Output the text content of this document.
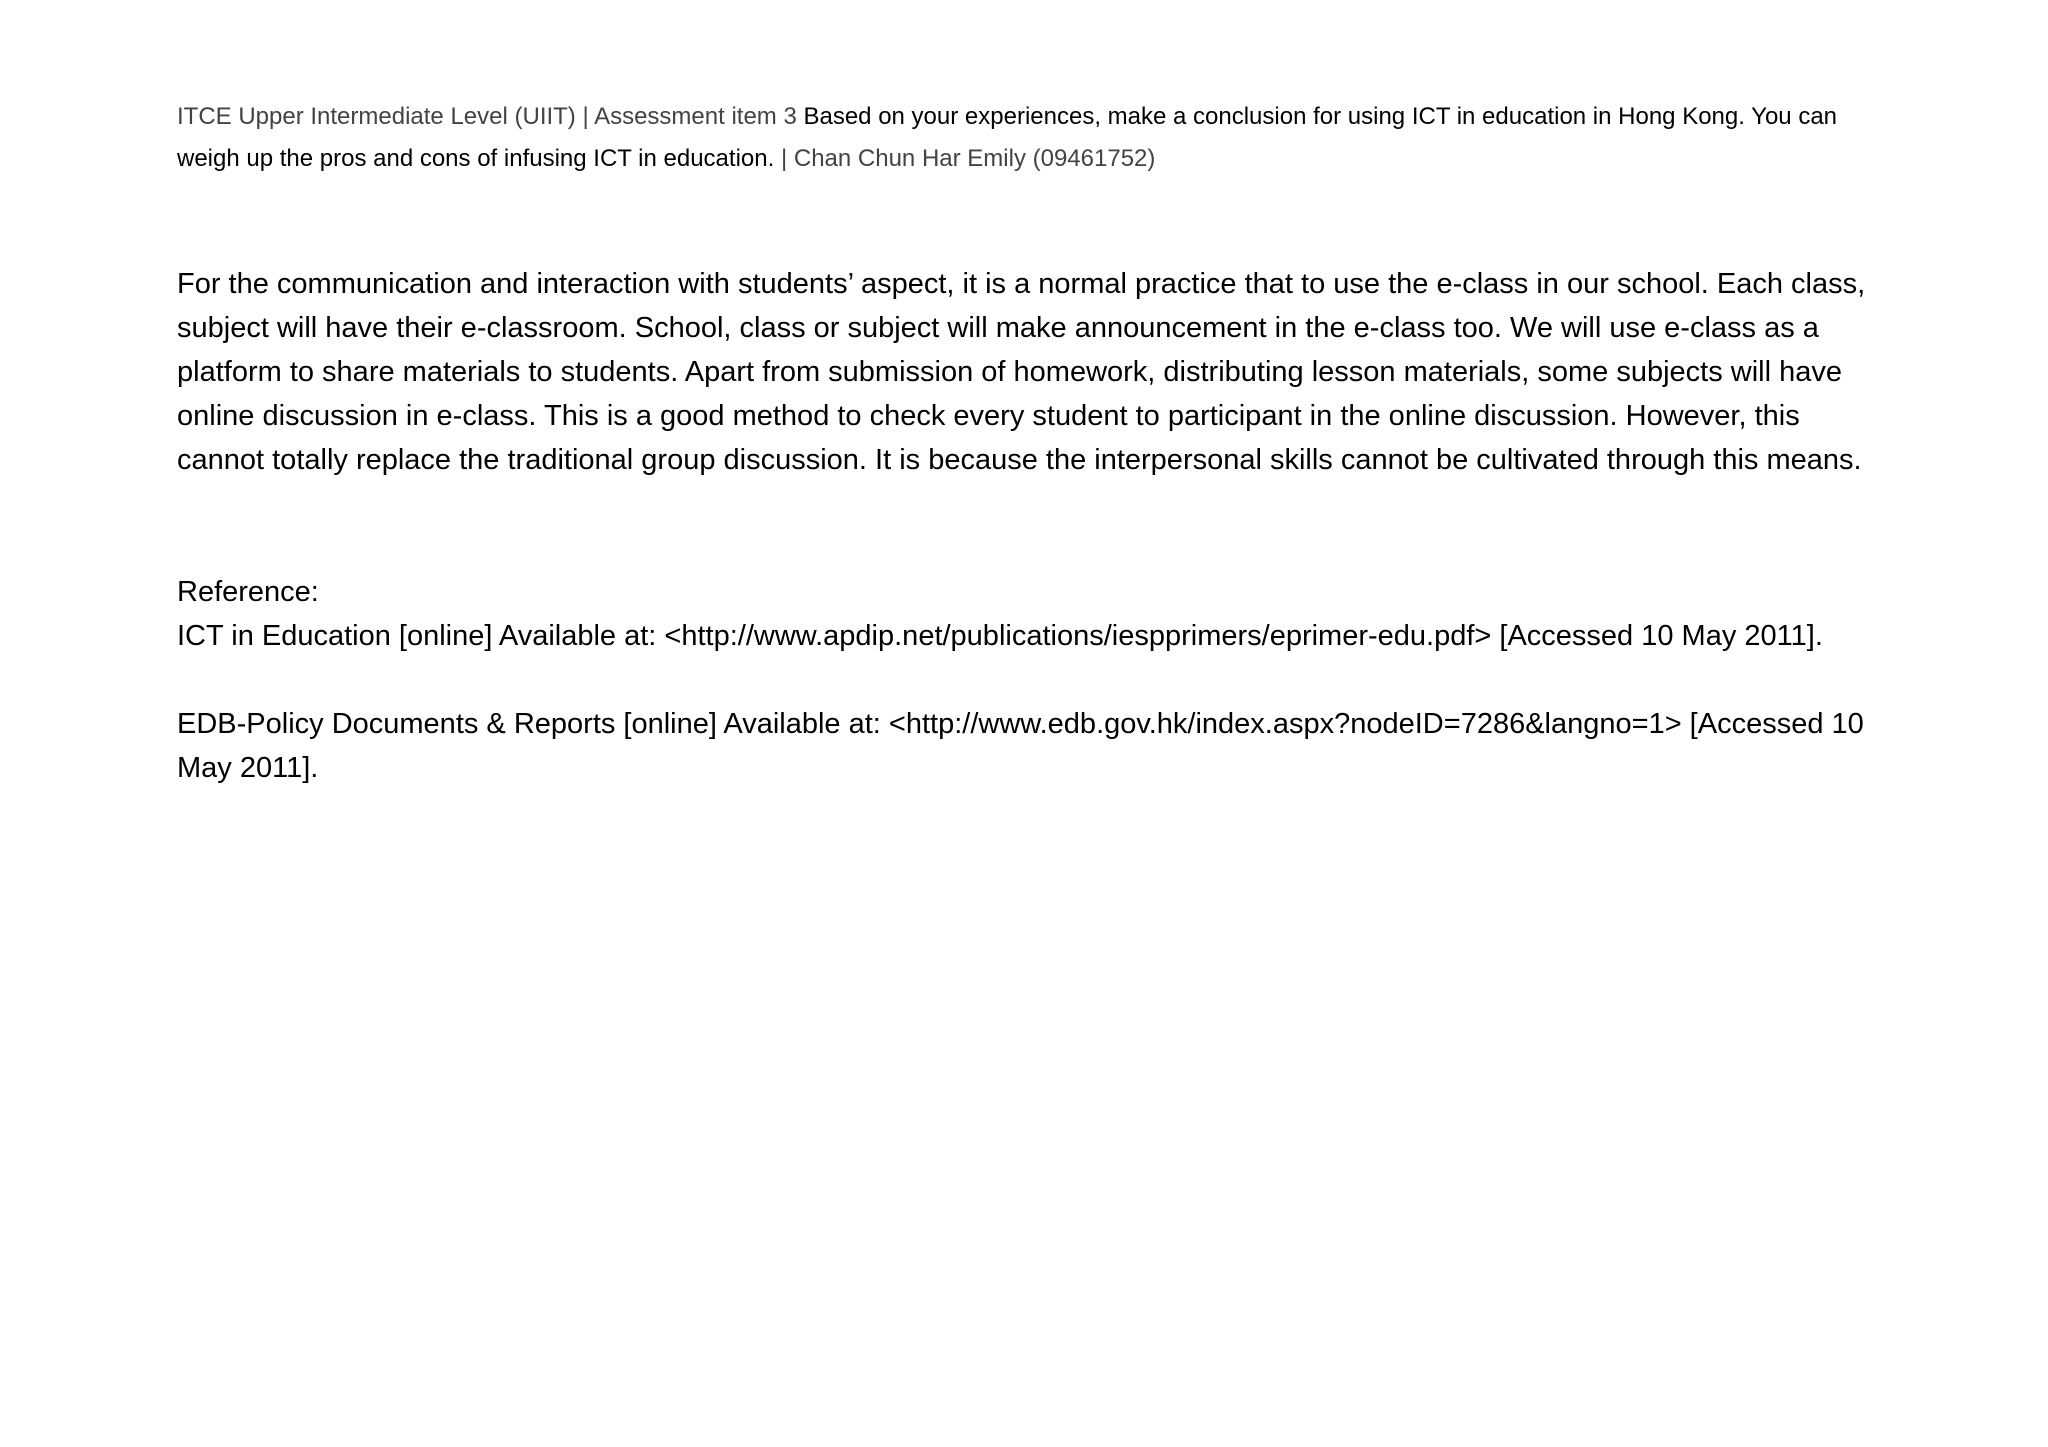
ITCE Upper Intermediate Level (UIIT) | Assessment item 3 Based on your experiences, make a conclusion for using ICT in education in Hong Kong. You can weigh up the pros and cons of infusing ICT in education. | Chan Chun Har Emily (09461752)

For the communication and interaction with students’ aspect, it is a normal practice that to use the e-class in our school. Each class, subject will have their e-classroom. School, class or subject will make announcement in the e-class too. We will use e-class as a platform to share materials to students. Apart from submission of homework, distributing lesson materials, some subjects will have online discussion in e-class. This is a good method to check every student to participant in the online discussion. However, this cannot totally replace the traditional group discussion. It is because the interpersonal skills cannot be cultivated through this means.

Reference:

ICT in Education [online] Available at: <http://www.apdip.net/publications/iespprimers/eprimer-edu.pdf> [Accessed 10 May 2011].

EDB-Policy Documents & Reports [online] Available at: <http://www.edb.gov.hk/index.aspx?nodeID=7286&langno=1> [Accessed 10 May 2011].
